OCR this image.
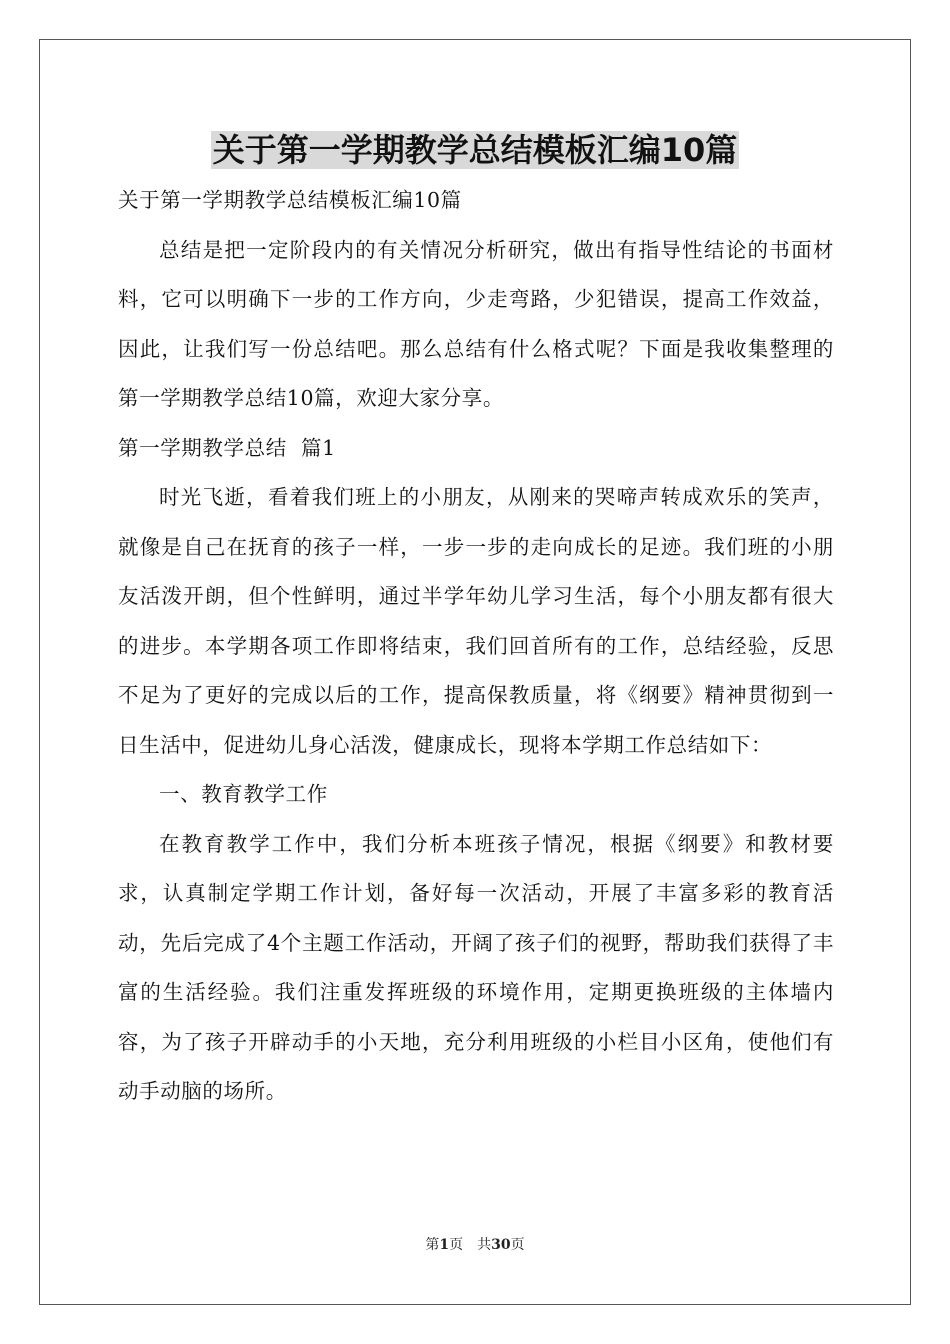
关于第一学期教学总结模板汇编10篇

关于第一学期教学总结模板汇编10篇

总结是把一定阶段内的有关情况分析研究，做出有指导性结论的书面材料，它可以明确下一步的工作方向，少走弯路，少犯错误，提高工作效益，因此，让我们写一份总结吧。那么总结有什么格式呢？下面是我收集整理的第一学期教学总结10篇，欢迎大家分享。

第一学期教学总结  篇1

时光飞逝，看着我们班上的小朋友，从刚来的哭啼声转成欢乐的笑声，就像是自己在抚育的孩子一样，一步一步的走向成长的足迹。我们班的小朋友活泼开朗，但个性鲜明，通过半学年幼儿学习生活，每个小朋友都有很大的进步。本学期各项工作即将结束，我们回首所有的工作，总结经验，反思不足为了更好的完成以后的工作，提高保教质量，将《纲要》精神贯彻到一日生活中，促进幼儿身心活泼，健康成长，现将本学期工作总结如下：

一、教育教学工作

在教育教学工作中，我们分析本班孩子情况，根据《纲要》和教材要求，认真制定学期工作计划，备好每一次活动，开展了丰富多彩的教育活动，先后完成了4个主题工作活动，开阔了孩子们的视野，帮助我们获得了丰富的生活经验。我们注重发挥班级的环境作用，定期更换班级的主体墙内容，为了孩子开辟动手的小天地，充分利用班级的小栏目小区角，使他们有动手动脑的场所。

第1页 共30页
